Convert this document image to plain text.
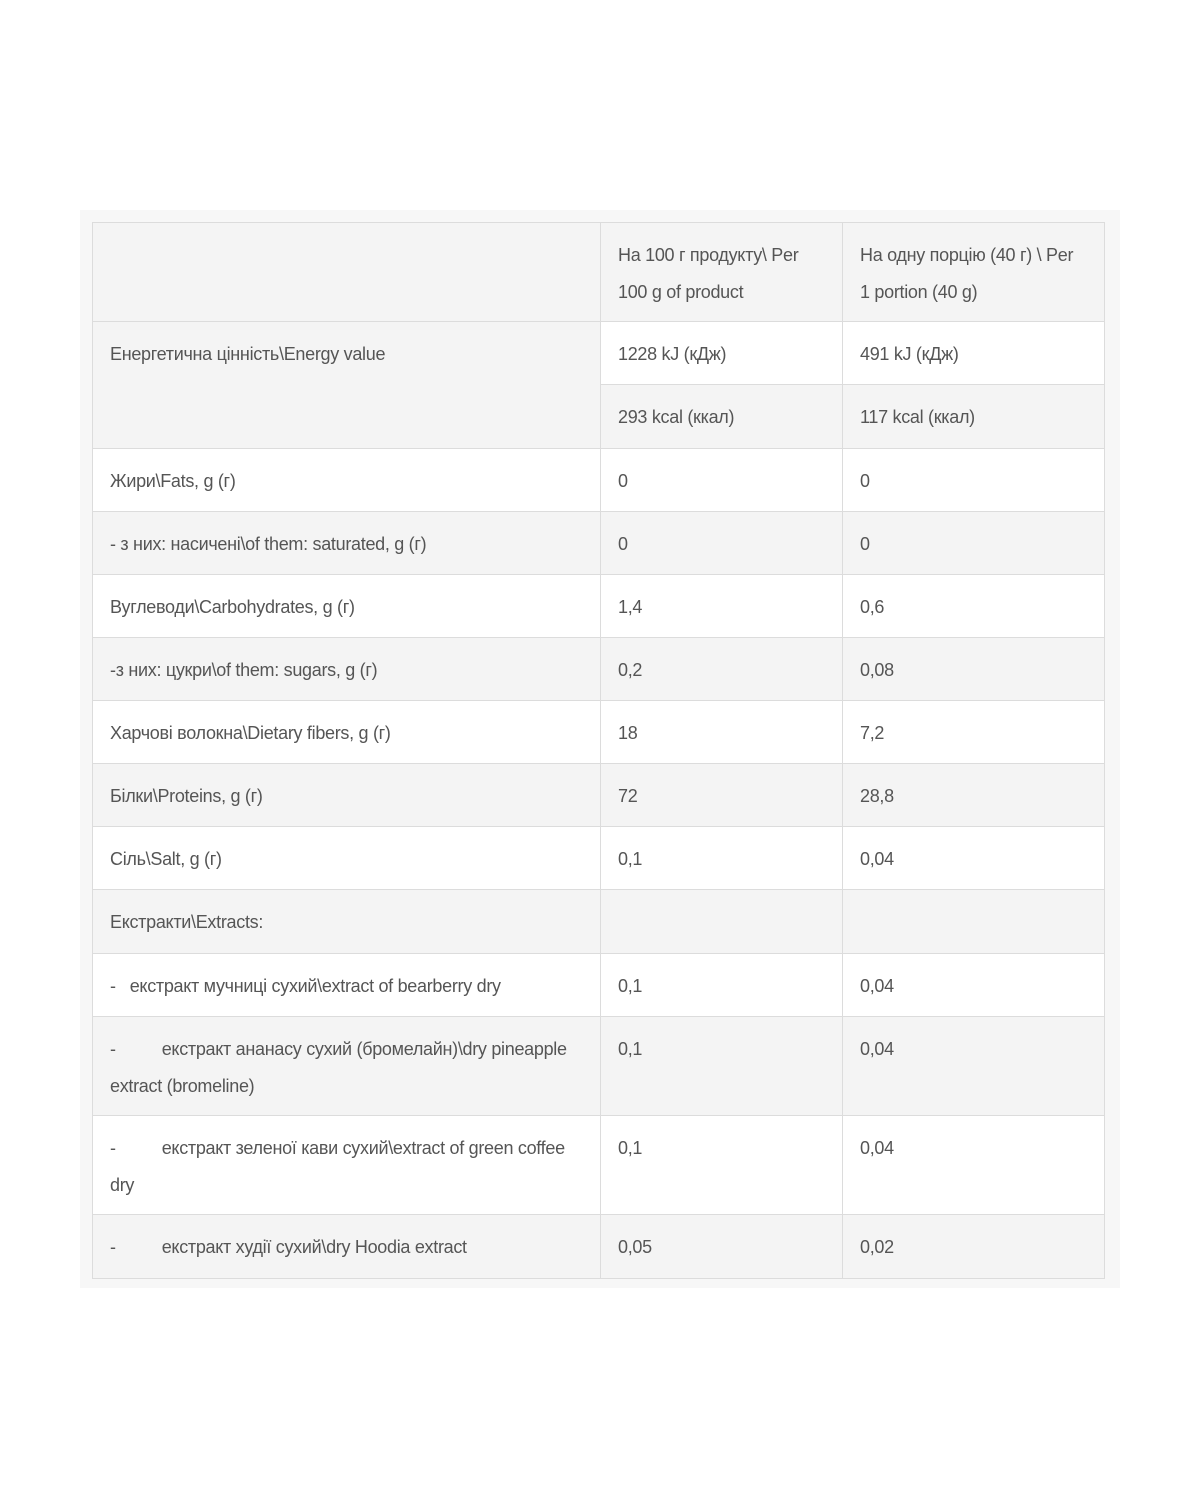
	На 100 г продукту\ Per 100 g of product	На одну порцію (40 г) \ Per 1 portion (40 g)
Енергетична цінність\Energy value	1228 kJ (кДж)	491 kJ (кДж)
	293 kcal (ккал)	117 kcal (ккал)
Жири\Fats, g (г)	0	0
- з них: насичені\of them: saturated, g (г)	0	0
Вуглеводи\Carbohydrates, g (г)	1,4	0,6
-з них: цукри\of them: sugars, g (г)	0,2	0,08
Харчові волокна\Dietary fibers, g (г)	18	7,2
Білки\Proteins, g (г)	72	28,8
Сіль\Salt, g (г)	0,1	0,04
Екстракти\Extracts:		
- екстракт мучниці сухий\extract of bearberry dry	0,1	0,04
- екстракт ананасу сухий (бромелайн)\dry pineapple extract (bromeline)	0,1	0,04
- екстракт зеленої кави сухий\extract of green coffee dry	0,1	0,04
- екстракт худії сухий\dry Hoodia extract	0,05	0,02
